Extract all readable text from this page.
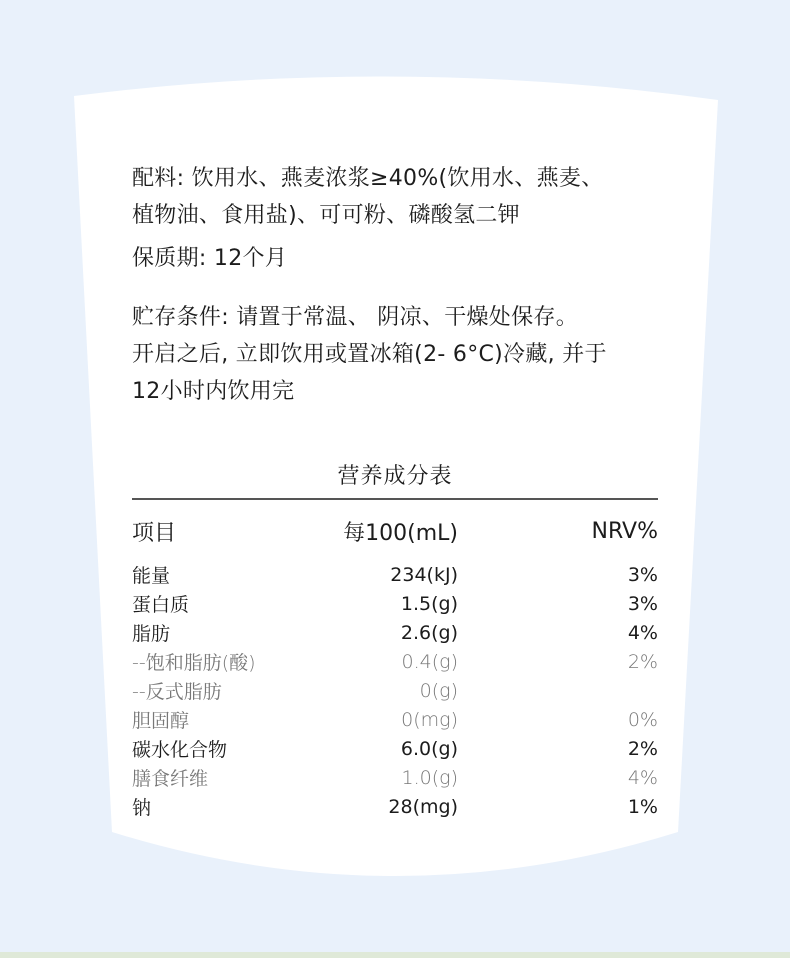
配料: 饮用水、燕麦浓浆≥40%(饮用水、燕麦、
植物油、食用盐)、可可粉、磷酸氢二钾

保质期: 12个月

贮存条件: 请置于常温、 阴凉、干燥处保存。
开启之后, 立即饮用或置冰箱(2- 6°C)冷藏, 并于
12小时内饮用完

营养成分表
项目	每100(mL)	NRV%
能量	234(kJ)	3%
蛋白质	1.5(g)	3%
脂肪	2.6(g)	4%
--饱和脂肪(酸)	0.4(g)	2%
--反式脂肪	0(g)
胆固醇	0(mg)	0%
碳水化合物	6.0(g)	2%
膳食纤维	1.0(g)	4%
钠	28(mg)	1%
